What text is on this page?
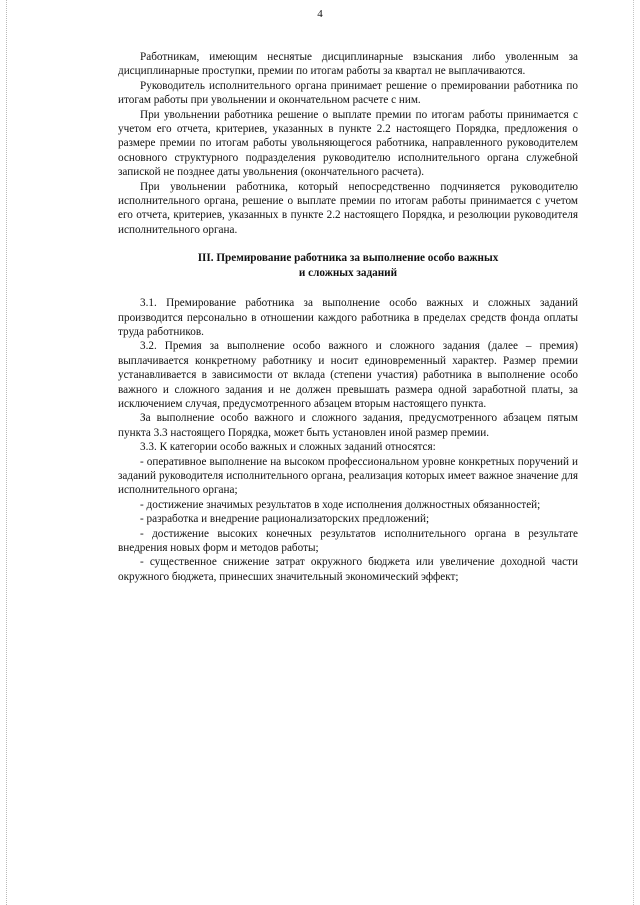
4

Работникам, имеющим неснятые дисциплинарные взыскания либо уволенным за дисциплинарные проступки, премии по итогам работы за квартал не выплачиваются.

Руководитель исполнительного органа принимает решение о премировании работника по итогам работы при увольнении и окончательном расчете с ним.

При увольнении работника решение о выплате премии по итогам работы принимается с учетом его отчета, критериев, указанных в пункте 2.2 настоящего Порядка, предложения о размере премии по итогам работы увольняющегося работника, направленного руководителем основного структурного подразделения руководителю исполнительного органа служебной запиской не позднее даты увольнения (окончательного расчета).

При увольнении работника, который непосредственно подчиняется руководителю исполнительного органа, решение о выплате премии по итогам работы принимается с учетом его отчета, критериев, указанных в пункте 2.2 настоящего Порядка, и резолюции руководителя исполнительного органа.

III. Премирование работника за выполнение особо важных
и сложных заданий

3.1. Премирование работника за выполнение особо важных и сложных заданий производится персонально в отношении каждого работника в пределах средств фонда оплаты труда работников.

3.2. Премия за выполнение особо важного и сложного задания (далее – премия) выплачивается конкретному работнику и носит единовременный характер. Размер премии устанавливается в зависимости от вклада (степени участия) работника в выполнение особо важного и сложного задания и не должен превышать размера одной заработной платы, за исключением случая, предусмотренного абзацем вторым настоящего пункта.

За выполнение особо важного и сложного задания, предусмотренного абзацем пятым пункта 3.3 настоящего Порядка, может быть установлен иной размер премии.

3.3. К категории особо важных и сложных заданий относятся:

- оперативное выполнение на высоком профессиональном уровне конкретных поручений и заданий руководителя исполнительного органа, реализация которых имеет важное значение для исполнительного органа;

- достижение значимых результатов в ходе исполнения должностных обязанностей;

- разработка и внедрение рационализаторских предложений;

- достижение высоких конечных результатов исполнительного органа в результате внедрения новых форм и методов работы;

- существенное снижение затрат окружного бюджета или увеличение доходной части окружного бюджета, принесших значительный экономический эффект;
